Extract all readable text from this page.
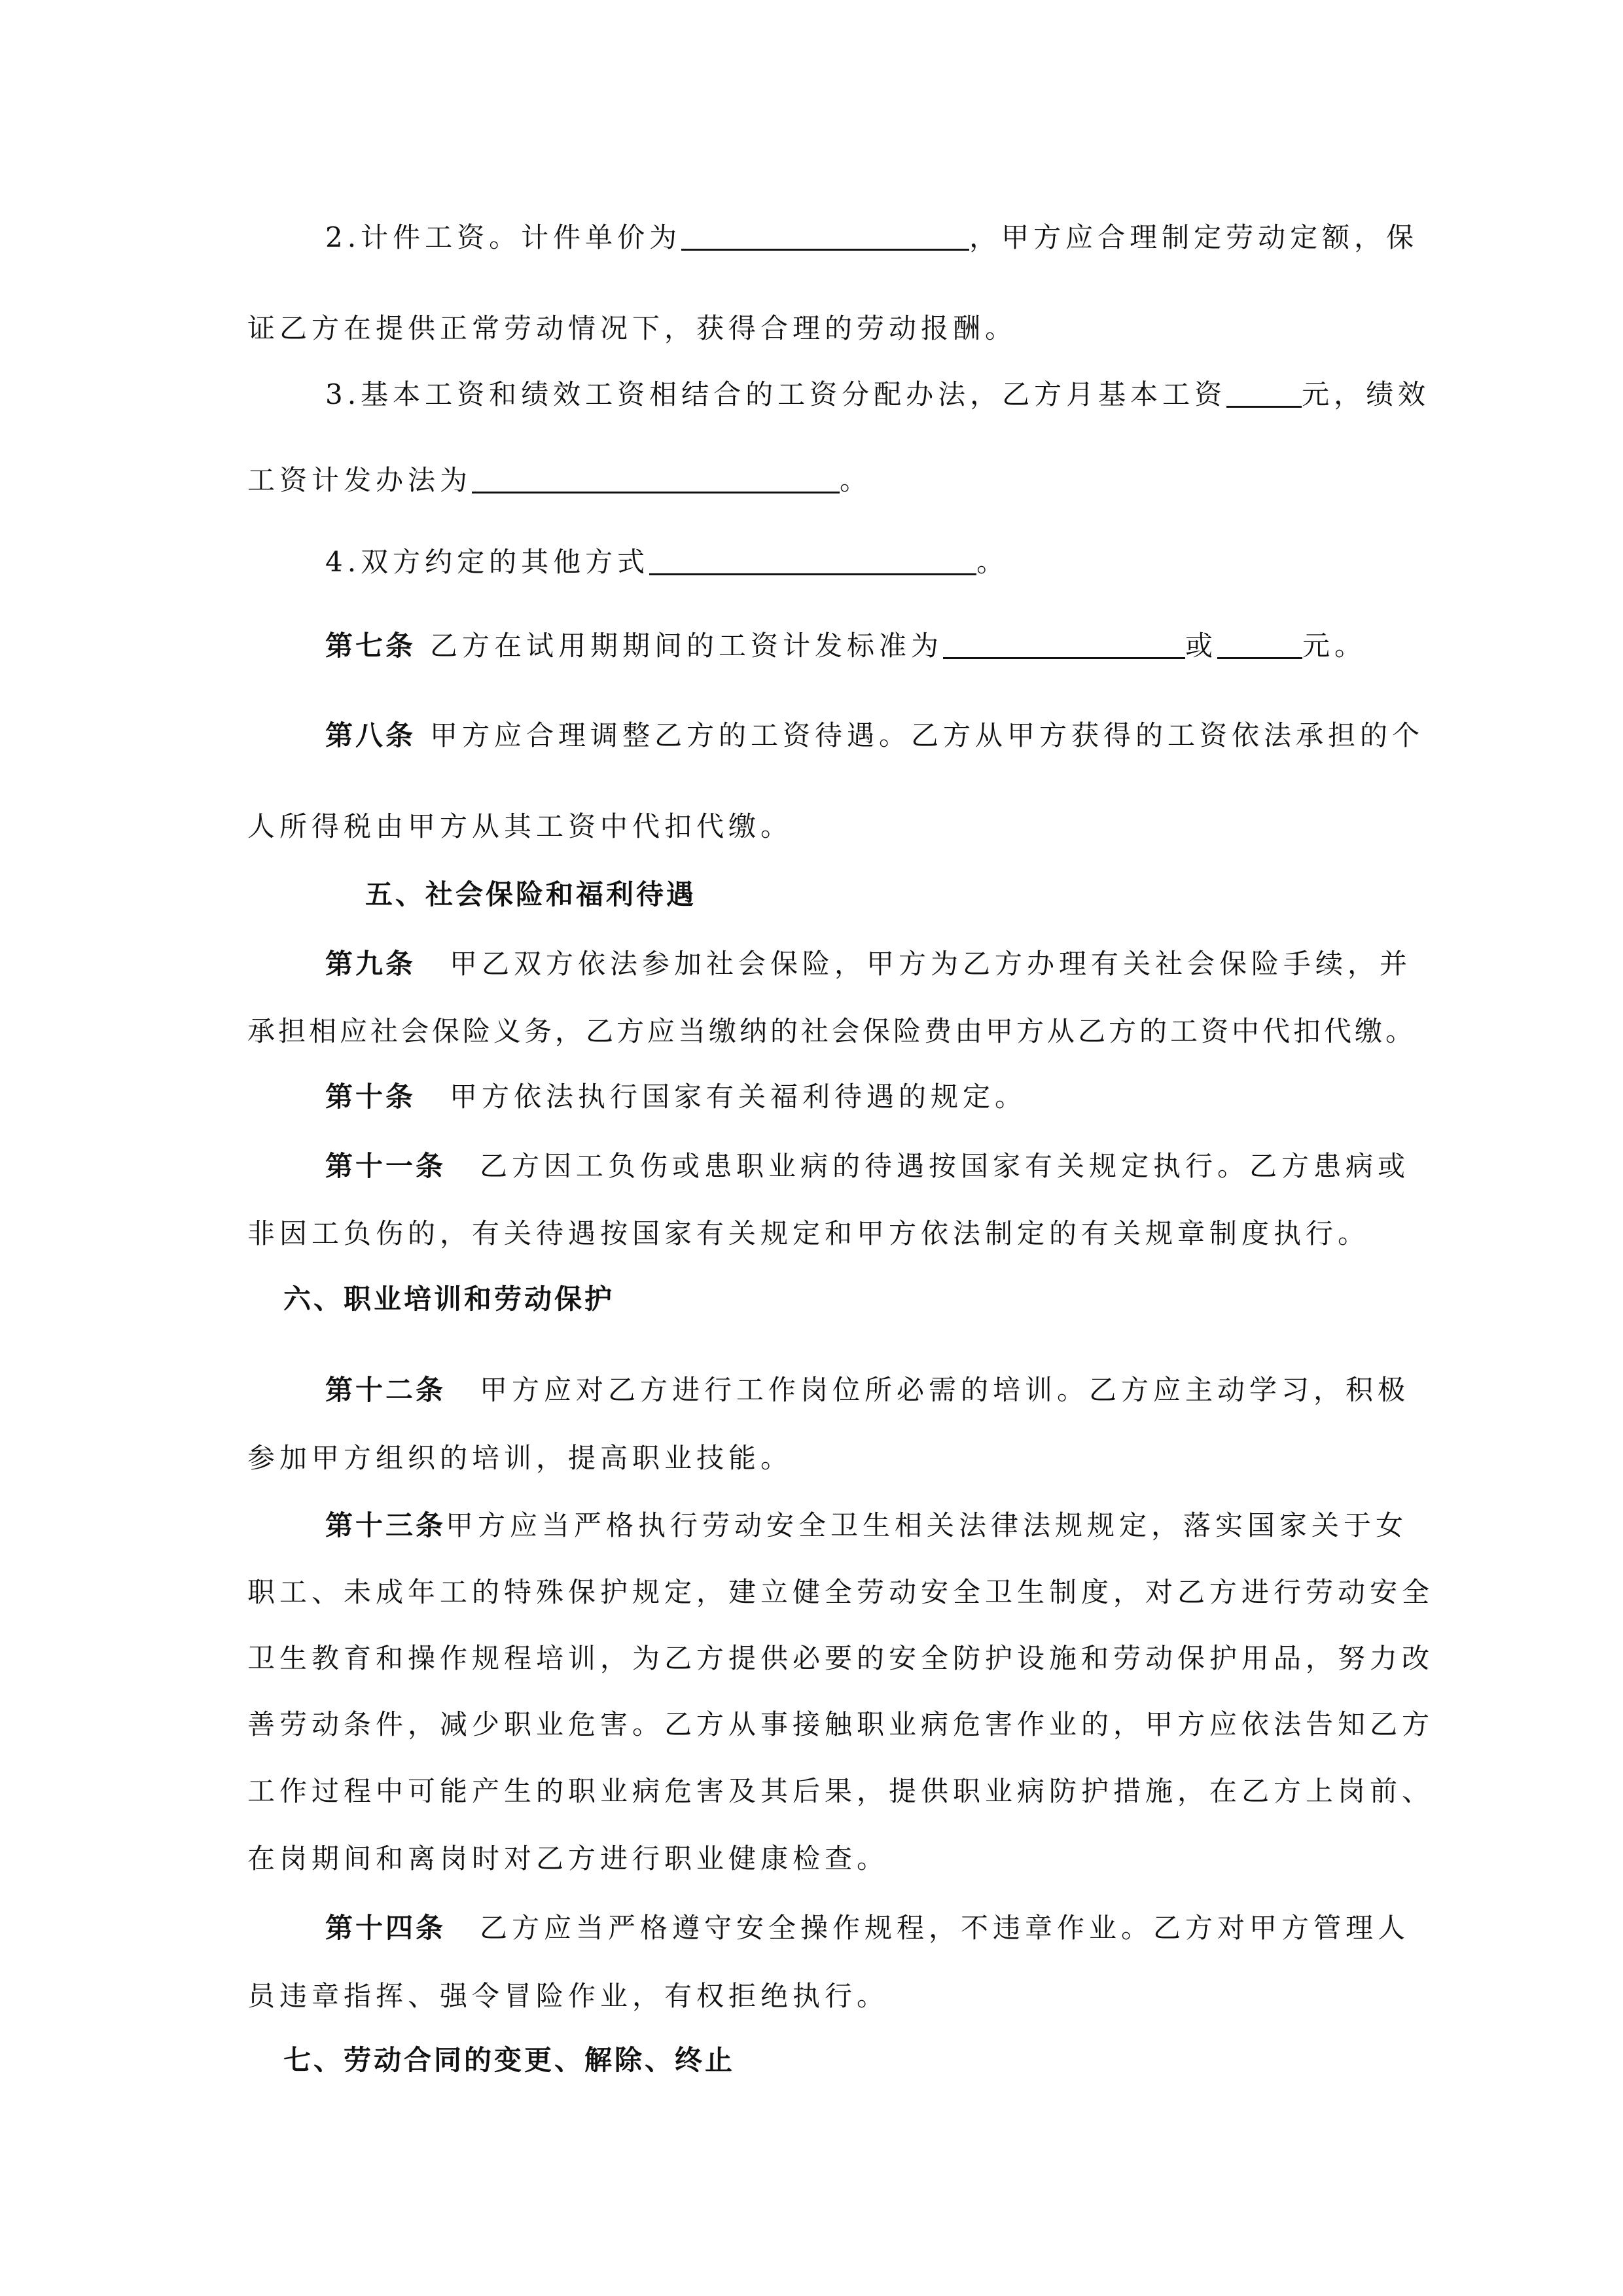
2.计件工资。计件单价为	，甲方应合理制定劳动定额，保
证乙方在提供正常劳动情况下，获得合理的劳动报酬。
3.基本工资和绩效工资相结合的工资分配办法，乙方月基本工资	元，绩效
工资计发办法为	。
4.双方约定的其他方式	。
第七条 乙方在试用期期间的工资计发标准为	或	元。
第八条 甲方应合理调整乙方的工资待遇。乙方从甲方获得的工资依法承担的个
人所得税由甲方从其工资中代扣代缴。
五、社会保险和福利待遇
第九条 甲乙双方依法参加社会保险，甲方为乙方办理有关社会保险手续，并
承担相应社会保险义务，乙方应当缴纳的社会保险费由甲方从乙方的工资中代扣代缴。
第十条 甲方依法执行国家有关福利待遇的规定。
第十一条 乙方因工负伤或患职业病的待遇按国家有关规定执行。乙方患病或
非因工负伤的，有关待遇按国家有关规定和甲方依法制定的有关规章制度执行。
六、职业培训和劳动保护
第十二条 甲方应对乙方进行工作岗位所必需的培训。乙方应主动学习，积极
参加甲方组织的培训，提高职业技能。
第十三条甲方应当严格执行劳动安全卫生相关法律法规规定，落实国家关于女
职工、未成年工的特殊保护规定，建立健全劳动安全卫生制度，对乙方进行劳动安全
卫生教育和操作规程培训，为乙方提供必要的安全防护设施和劳动保护用品，努力改
善劳动条件，减少职业危害。乙方从事接触职业病危害作业的，甲方应依法告知乙方
工作过程中可能产生的职业病危害及其后果，提供职业病防护措施，在乙方上岗前、
在岗期间和离岗时对乙方进行职业健康检查。
第十四条 乙方应当严格遵守安全操作规程，不违章作业。乙方对甲方管理人
员违章指挥、强令冒险作业，有权拒绝执行。
七、劳动合同的变更、解除、终止
